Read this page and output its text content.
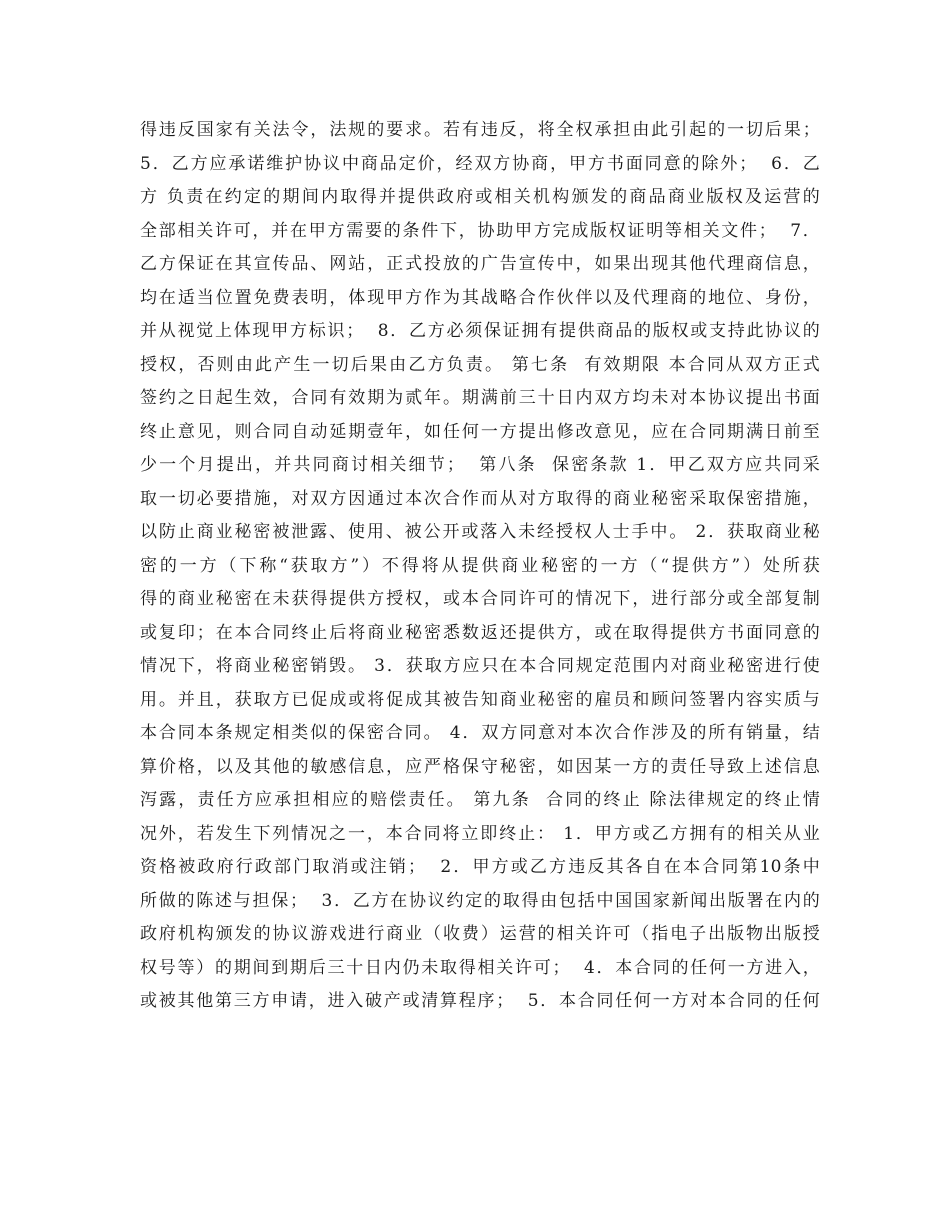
得违反国家有关法令，法规的要求。若有违反，将全权承担由此引起的一切后果；
5．乙方应承诺维护协议中商品定价，经双方协商，甲方书面同意的除外；  6．乙
方 负责在约定的期间内取得并提供政府或相关机构颁发的商品商业版权及运营的
全部相关许可，并在甲方需要的条件下，协助甲方完成版权证明等相关文件；  7．
乙方保证在其宣传品、网站，正式投放的广告宣传中，如果出现其他代理商信息，
均在适当位置免费表明，体现甲方作为其战略合作伙伴以及代理商的地位、身份，
并从视觉上体现甲方标识；  8．乙方必须保证拥有提供商品的版权或支持此协议的
授权，否则由此产生一切后果由乙方负责。 第七条  有效期限 本合同从双方正式
签约之日起生效，合同有效期为贰年。期满前三十日内双方均未对本协议提出书面
终止意见，则合同自动延期壹年，如任何一方提出修改意见，应在合同期满日前至
少一个月提出，并共同商讨相关细节；  第八条  保密条款 1．甲乙双方应共同采
取一切必要措施，对双方因通过本次合作而从对方取得的商业秘密采取保密措施，
以防止商业秘密被泄露、使用、被公开或落入未经授权人士手中。 2．获取商业秘
密的一方（下称“获取方”）不得将从提供商业秘密的一方（“提供方”）处所获
得的商业秘密在未获得提供方授权，或本合同许可的情况下，进行部分或全部复制
或复印；在本合同终止后将商业秘密悉数返还提供方，或在取得提供方书面同意的
情况下，将商业秘密销毁。 3．获取方应只在本合同规定范围内对商业秘密进行使
用。并且，获取方已促成或将促成其被告知商业秘密的雇员和顾问签署内容实质与
本合同本条规定相类似的保密合同。 4．双方同意对本次合作涉及的所有销量，结
算价格，以及其他的敏感信息，应严格保守秘密，如因某一方的责任导致上述信息
泻露，责任方应承担相应的赔偿责任。 第九条  合同的终止 除法律规定的终止情
况外，若发生下列情况之一，本合同将立即终止： 1．甲方或乙方拥有的相关从业
资格被政府行政部门取消或注销；  2．甲方或乙方违反其各自在本合同第10条中
所做的陈述与担保；  3．乙方在协议约定的取得由包括中国国家新闻出版署在内的
政府机构颁发的协议游戏进行商业（收费）运营的相关许可（指电子出版物出版授
权号等）的期间到期后三十日内仍未取得相关许可；  4．本合同的任何一方进入，
或被其他第三方申请，进入破产或清算程序；  5．本合同任何一方对本合同的任何
